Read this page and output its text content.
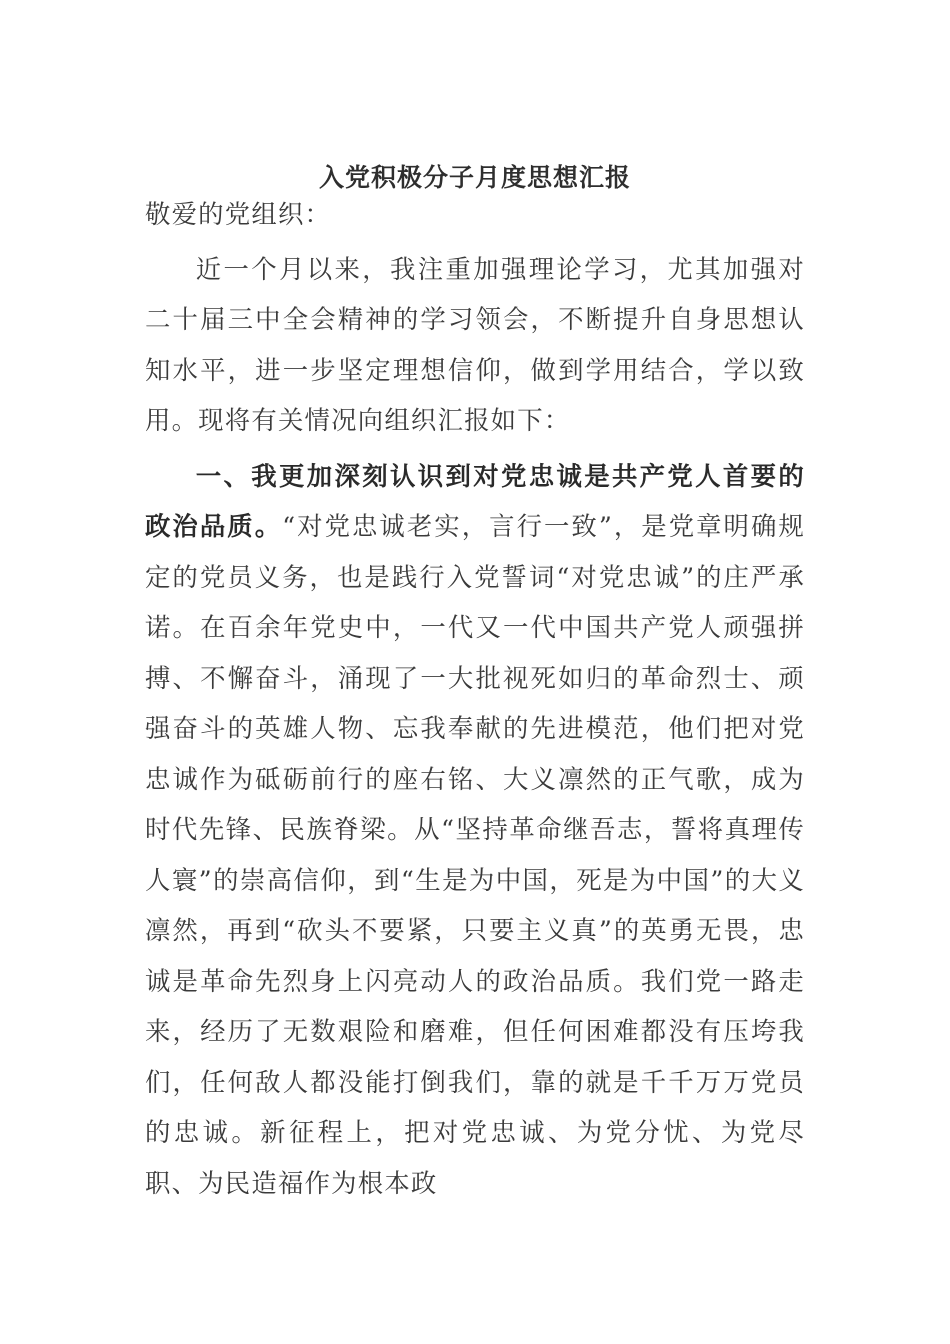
入党积极分子月度思想汇报

敬爱的党组织：

近一个月以来，我注重加强理论学习，尤其加强对二十届三中全会精神的学习领会，不断提升自身思想认知水平，进一步坚定理想信仰，做到学用结合，学以致用。现将有关情况向组织汇报如下：

一、我更加深刻认识到对党忠诚是共产党人首要的政治品质。“对党忠诚老实，言行一致”，是党章明确规定的党员义务，也是践行入党誓词“对党忠诚”的庄严承诺。在百余年党史中，一代又一代中国共产党人顽强拼搏、不懈奋斗，涌现了一大批视死如归的革命烈士、顽强奋斗的英雄人物、忘我奉献的先进模范，他们把对党忠诚作为砥砺前行的座右铭、大义凛然的正气歌，成为时代先锋、民族脊梁。从“坚持革命继吾志，誓将真理传人寰”的崇高信仰，到“生是为中国，死是为中国”的大义凛然，再到“砍头不要紧，只要主义真”的英勇无畏，忠诚是革命先烈身上闪亮动人的政治品质。我们党一路走来，经历了无数艰险和磨难，但任何困难都没有压垮我们，任何敌人都没能打倒我们，靠的就是千千万万党员的忠诚。新征程上，把对党忠诚、为党分忧、为党尽职、为民造福作为根本政
